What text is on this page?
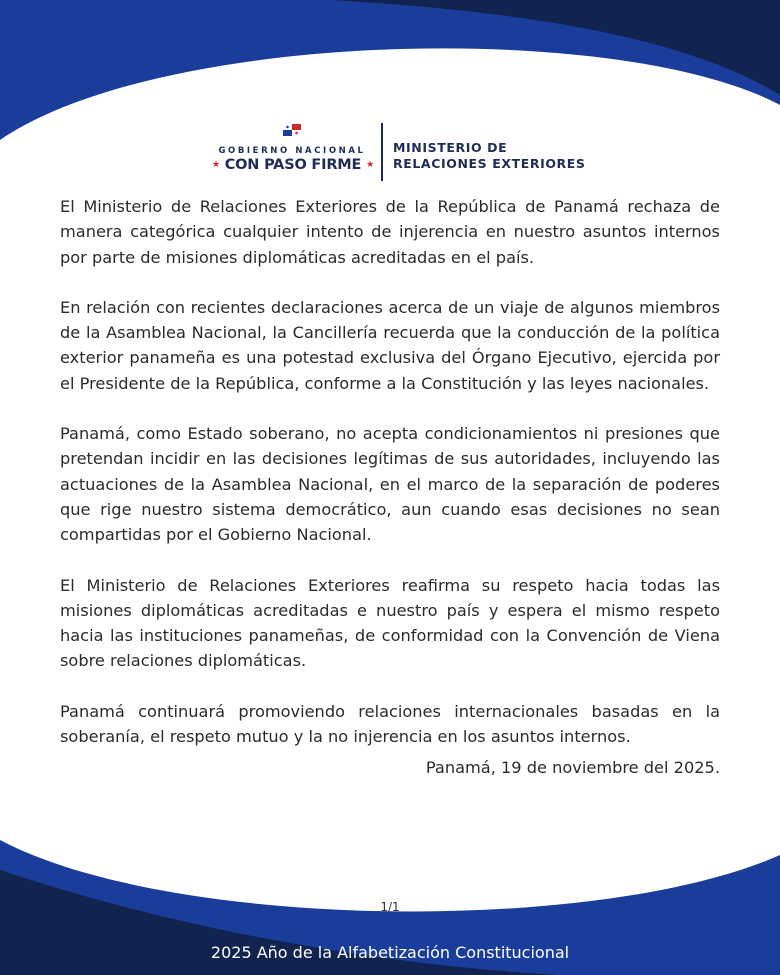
GOBIERNO NACIONAL
★ CON PASO FIRME ★
MINISTERIO DE
RELACIONES EXTERIORES

El Ministerio de Relaciones Exteriores de la República de Panamá rechaza de manera categórica cualquier intento de injerencia en nuestro asuntos internos por parte de misiones diplomáticas acreditadas en el país.

En relación con recientes declaraciones acerca de un viaje de algunos miembros de la Asamblea Nacional, la Cancillería recuerda que la conducción de la política exterior panameña es una potestad exclusiva del Órgano Ejecutivo, ejercida por el Presidente de la República, conforme a la Constitución y las leyes nacionales.

Panamá, como Estado soberano, no acepta condicionamientos ni presiones que pretendan incidir en las decisiones legítimas de sus autoridades, incluyendo las actuaciones de la Asamblea Nacional, en el marco de la separación de poderes que rige nuestro sistema democrático, aun cuando esas decisiones no sean compartidas por el Gobierno Nacional.

El Ministerio de Relaciones Exteriores reafirma su respeto hacia todas las misiones diplomáticas acreditadas e nuestro país y espera el mismo respeto hacia las instituciones panameñas, de conformidad con la Convención de Viena sobre relaciones diplomáticas.

Panamá continuará promoviendo relaciones internacionales basadas en la soberanía, el respeto mutuo y la no injerencia en los asuntos internos.

Panamá, 19 de noviembre del 2025.

1/1
2025 Año de la Alfabetización Constitucional
